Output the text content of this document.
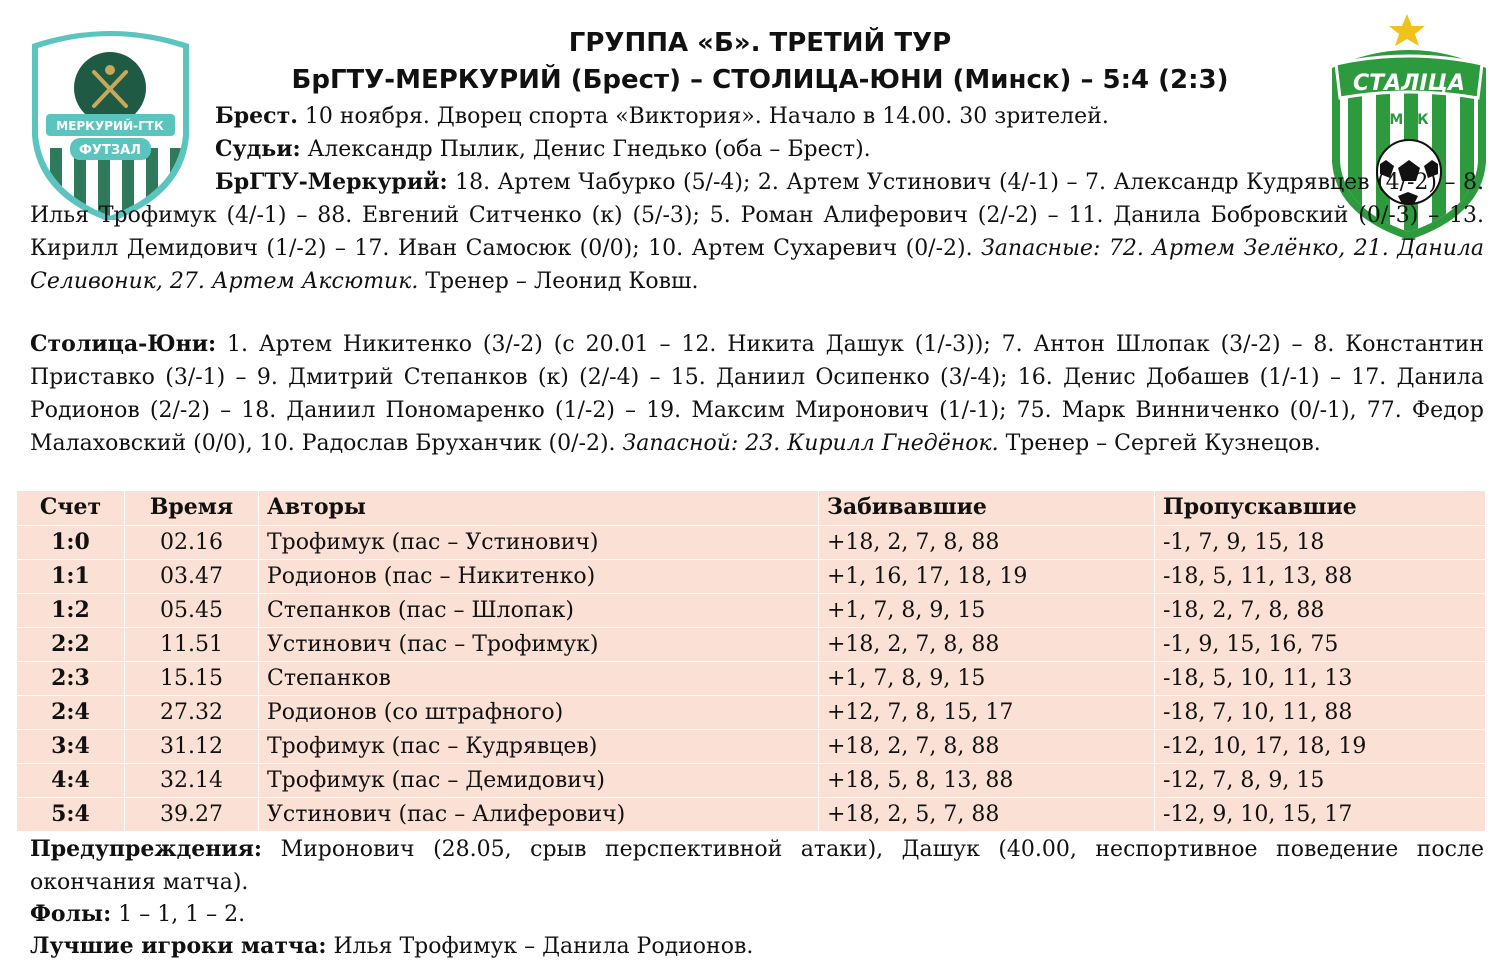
МЕРКУРИЙ-ГТК
ФУТЗАЛ
СТАЛІЦА
SC
МФК
ГРУППА «Б». ТРЕТИЙ ТУР
БрГТУ-МЕРКУРИЙ (Брест) – СТОЛИЦА-ЮНИ (Минск) – 5:4 (2:3)
Брест. 10 ноября. Дворец спорта «Виктория». Начало в 14.00. 30 зрителей.
Судьи: Александр Пылик, Денис Гнедько (оба – Брест).
БрГТУ-Меркурий: 18. Артем Чабурко (5/-4); 2. Артем Устинович (4/-1) – 7. Александр Кудрявцев (4/-2) – 8. Илья Трофимук (4/-1) – 88. Евгений Ситченко (к) (5/-3); 5. Роман Алиферович (2/-2) – 11. Данила Бобровский (0/-3) – 13. Кирилл Демидович (1/-2) – 17. Иван Самосюк (0/0); 10. Артем Сухаревич (0/-2). Запасные: 72. Артем Зелёнко, 21. Данила Селивоник, 27. Артем Аксютик. Тренер – Леонид Ковш.
Столица-Юни: 1. Артем Никитенко (3/-2) (с 20.01 – 12. Никита Дашук (1/-3)); 7. Антон Шлопак (3/-2) – 8. Константин Приставко (3/-1) – 9. Дмитрий Степанков (к) (2/-4) – 15. Даниил Осипенко (3/-4); 16. Денис Добашев (1/-1) – 17. Данила Родионов (2/-2) – 18. Даниил Пономаренко (1/-2) – 19. Максим Миронович (1/-1); 75. Марк Винниченко (0/-1), 77. Федор Малаховский (0/0), 10. Радослав Бруханчик (0/-2). Запасной: 23. Кирилл Гнедёнок. Тренер – Сергей Кузнецов.
Счет	Время	Авторы	Забивавшие	Пропускавшие
1:0	02.16	Трофимук (пас – Устинович)	+18, 2, 7, 8, 88	-1, 7, 9, 15, 18
1:1	03.47	Родионов (пас – Никитенко)	+1, 16, 17, 18, 19	-18, 5, 11, 13, 88
1:2	05.45	Степанков (пас – Шлопак)	+1, 7, 8, 9, 15	-18, 2, 7, 8, 88
2:2	11.51	Устинович (пас – Трофимук)	+18, 2, 7, 8, 88	-1, 9, 15, 16, 75
2:3	15.15	Степанков	+1, 7, 8, 9, 15	-18, 5, 10, 11, 13
2:4	27.32	Родионов (со штрафного)	+12, 7, 8, 15, 17	-18, 7, 10, 11, 88
3:4	31.12	Трофимук (пас – Кудрявцев)	+18, 2, 7, 8, 88	-12, 10, 17, 18, 19
4:4	32.14	Трофимук (пас – Демидович)	+18, 5, 8, 13, 88	-12, 7, 8, 9, 15
5:4	39.27	Устинович (пас – Алиферович)	+18, 2, 5, 7, 88	-12, 9, 10, 15, 17
Предупреждения: Миронович (28.05, срыв перспективной атаки), Дашук (40.00, неспортивное поведение после окончания матча).
Фолы: 1 – 1, 1 – 2.
Лучшие игроки матча: Илья Трофимук – Данила Родионов.
